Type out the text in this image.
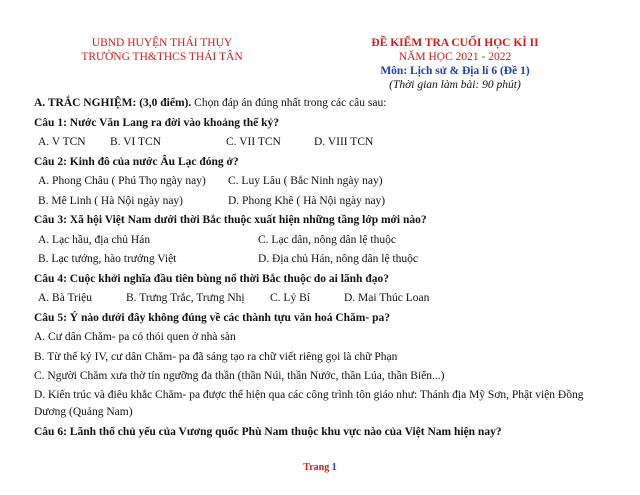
UBND HUYỆN THÁI THỤY
TRƯỜNG TH&THCS THÁI TÂN
ĐỀ KIỂM TRA CUỐI HỌC KÌ II
NĂM HỌC 2021 - 2022
Môn: Lịch sử & Địa lí 6 (Đề 1)
(Thời gian làm bài: 90 phút)
A. TRẮC NGHIỆM: (3,0 điểm). Chọn đáp án đúng nhất trong các câu sau:
Câu 1: Nước Văn Lang ra đời vào khoảng thế kỷ?
A. V TCN	B. VI TCN	C. VII TCN	D. VIII TCN
Câu 2: Kinh đô của nước Âu Lạc đóng ở?
A. Phong Châu ( Phú Thọ ngày nay)	C. Luy Lâu ( Bắc Ninh ngày nay)
B. Mê Linh ( Hà Nội ngày nay)	D. Phong Khê ( Hà Nội ngày nay)
Câu 3: Xã hội Việt Nam dưới thời Bắc thuộc xuất hiện những tầng lớp mới nào?
A. Lạc hầu, địa chủ Hán	C. Lạc dân, nông dân lệ thuộc
B. Lạc tướng, hào trưởng Việt	D. Địa chủ Hán, nông dân lệ thuộc
Câu 4: Cuộc khởi nghĩa đầu tiên bùng nổ thời Bắc thuộc do ai lãnh đạo?
A. Bà Triệu	B. Trưng Trắc, Trưng Nhị	C. Lý Bí	D. Mai Thúc Loan
Câu 5: Ý nào dưới đây không đúng về các thành tựu văn hoá Chăm- pa?
A. Cư dân Chăm- pa có thói quen ở nhà sàn
B. Từ thế kỷ IV, cư dân Chăm- pa đã sáng tạo ra chữ viết riêng gọi là chữ Phạn
C. Người Chăm xưa thờ tín ngưỡng đa thần (thần Núi, thần Nước, thần Lúa, thần Biển...)
D. Kiến trúc và điêu khắc Chăm- pa được thể hiện qua các công trình tôn giáo như: Thánh địa Mỹ Sơn, Phật viện Đồng Dương (Quảng Nam)
Câu 6: Lãnh thổ chủ yếu của Vương quốc Phù Nam thuộc khu vực nào của Việt Nam hiện nay?
Trang 1
